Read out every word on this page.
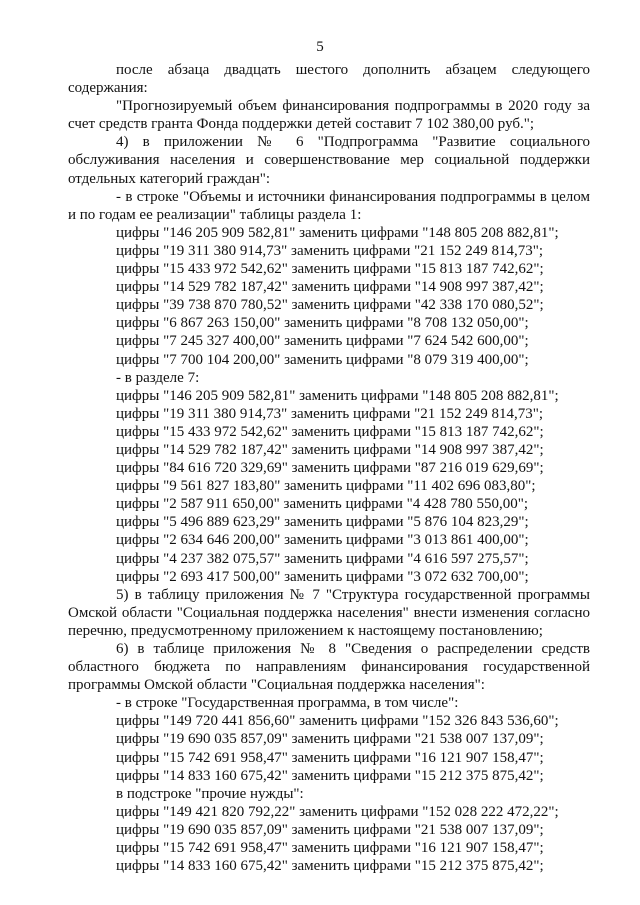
5
после абзаца двадцать шестого дополнить абзацем следующего
содержания:
"Прогнозируемый объем финансирования подпрограммы в 2020 году за
счет средств гранта Фонда поддержки детей составит 7 102 380,00 руб.";
4) в приложении № 6 "Подпрограмма "Развитие социального
обслуживания населения и совершенствование мер социальной поддержки
отдельных категорий граждан":
- в строке "Объемы и источники финансирования подпрограммы в целом
и по годам ее реализации" таблицы раздела 1:
цифры "146 205 909 582,81" заменить цифрами "148 805 208 882,81";
цифры "19 311 380 914,73" заменить цифрами "21 152 249 814,73";
цифры "15 433 972 542,62" заменить цифрами "15 813 187 742,62";
цифры "14 529 782 187,42" заменить цифрами "14 908 997 387,42";
цифры "39 738 870 780,52" заменить цифрами "42 338 170 080,52";
цифры "6 867 263 150,00" заменить цифрами "8 708 132 050,00";
цифры "7 245 327 400,00" заменить цифрами "7 624 542 600,00";
цифры "7 700 104 200,00" заменить цифрами "8 079 319 400,00";
- в разделе 7:
цифры "146 205 909 582,81" заменить цифрами "148 805 208 882,81";
цифры "19 311 380 914,73" заменить цифрами "21 152 249 814,73";
цифры "15 433 972 542,62" заменить цифрами "15 813 187 742,62";
цифры "14 529 782 187,42" заменить цифрами "14 908 997 387,42";
цифры "84 616 720 329,69" заменить цифрами "87 216 019 629,69";
цифры "9 561 827 183,80" заменить цифрами "11 402 696 083,80";
цифры "2 587 911 650,00" заменить цифрами "4 428 780 550,00";
цифры "5 496 889 623,29" заменить цифрами "5 876 104 823,29";
цифры "2 634 646 200,00" заменить цифрами "3 013 861 400,00";
цифры "4 237 382 075,57" заменить цифрами "4 616 597 275,57";
цифры "2 693 417 500,00" заменить цифрами "3 072 632 700,00";
5) в таблицу приложения № 7 "Структура государственной программы
Омской области "Социальная поддержка населения" внести изменения согласно
перечню, предусмотренному приложением к настоящему постановлению;
6) в таблице приложения № 8 "Сведения о распределении средств
областного бюджета по направлениям финансирования государственной
программы Омской области "Социальная поддержка населения":
- в строке "Государственная программа, в том числе":
цифры "149 720 441 856,60" заменить цифрами "152 326 843 536,60";
цифры "19 690 035 857,09" заменить цифрами "21 538 007 137,09";
цифры "15 742 691 958,47" заменить цифрами "16 121 907 158,47";
цифры "14 833 160 675,42" заменить цифрами "15 212 375 875,42";
в подстроке "прочие нужды":
цифры "149 421 820 792,22" заменить цифрами "152 028 222 472,22";
цифры "19 690 035 857,09" заменить цифрами "21 538 007 137,09";
цифры "15 742 691 958,47" заменить цифрами "16 121 907 158,47";
цифры "14 833 160 675,42" заменить цифрами "15 212 375 875,42";
